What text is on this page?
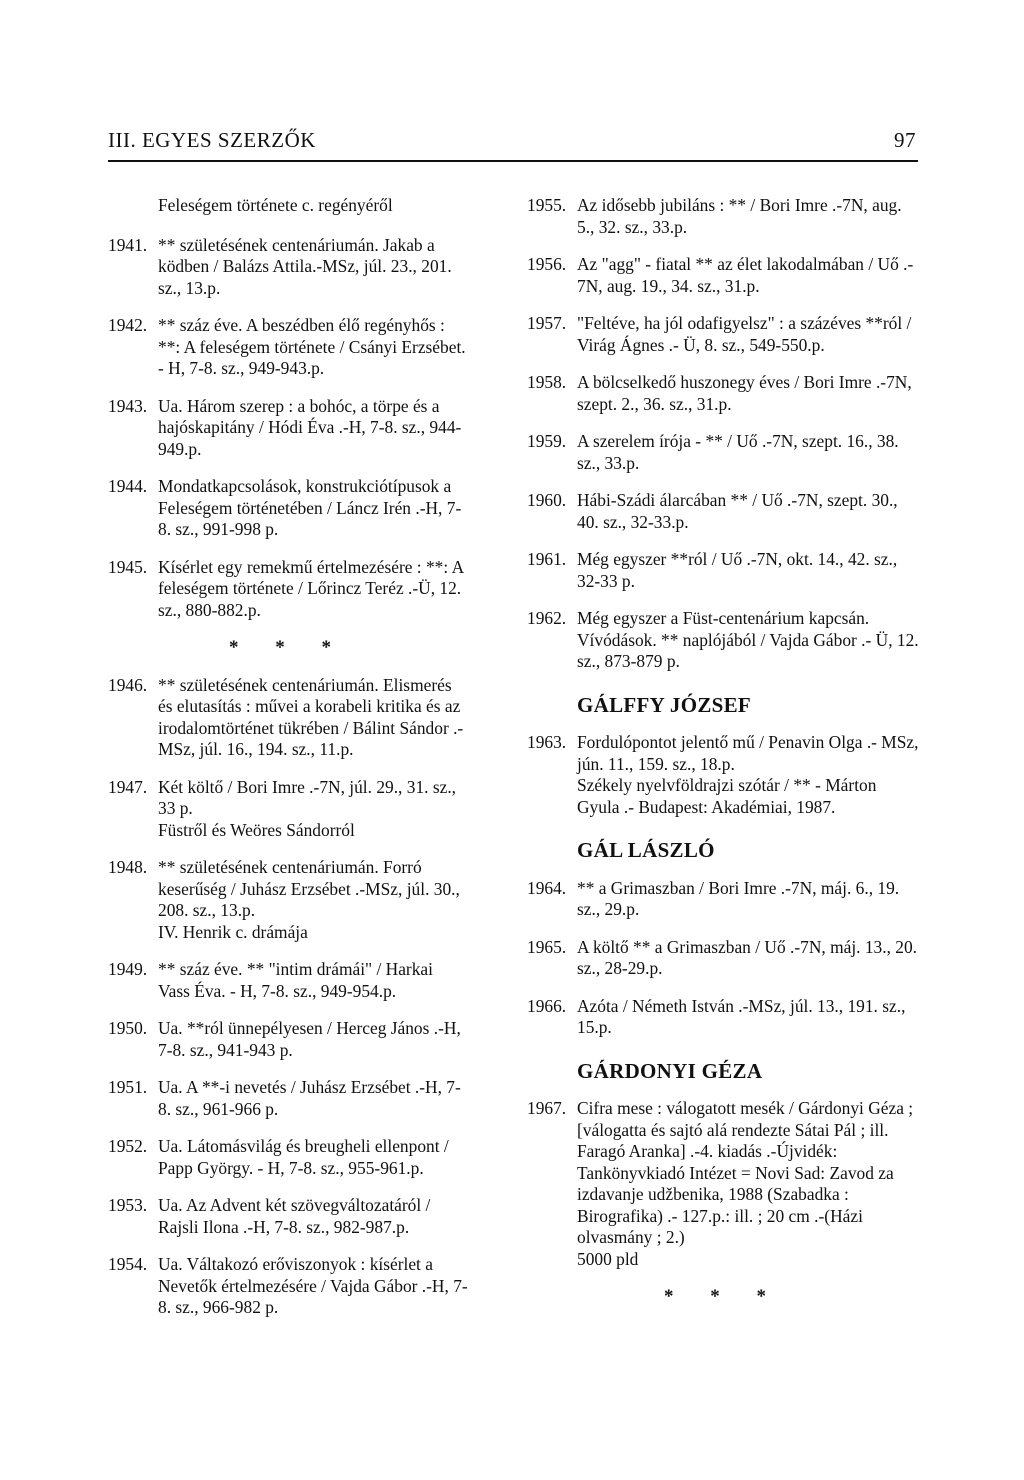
III. EGYES SZERZŐK	97
Feleségem története c. regényéről
1941. ** születésének centenáriumán. Jakab a ködben / Balázs Attila.-MSz, júl. 23., 201. sz., 13.p.
1942. ** száz éve. A beszédben élő regényhős : **: A feleségem története / Csányi Erzsébet. - H, 7-8. sz., 949-943.p.
1943. Ua. Három szerep : a bohóc, a törpe és a hajóskapitány / Hódi Éva .-H, 7-8. sz., 944-949.p.
1944. Mondatkapcsolások, konstrukciótípusok a Feleségem történetében / Láncz Irén .-H, 7-8. sz., 991-998 p.
1945. Kísérlet egy remekmű értelmezésére : **: A feleségem története / Lőrincz Teréz .-Ü, 12. sz., 880-882.p.
* * *
1946. ** születésének centenáriumán. Elismerés és elutasítás : művei a korabeli kritika és az irodalomtörténet tükrében / Bálint Sándor .-MSz, júl. 16., 194. sz., 11.p.
1947. Két költő / Bori Imre .-7N, júl. 29., 31. sz., 33 p.
Füstről és Weöres Sándorról
1948. ** születésének centenáriumán. Forró keserűség / Juhász Erzsébet .-MSz, júl. 30., 208. sz., 13.p.
IV. Henrik c. drámája
1949. ** száz éve. ** "intim drámái" / Harkai Vass Éva. - H, 7-8. sz., 949-954.p.
1950. Ua. **ról ünnepélyesen / Herceg János .-H, 7-8. sz., 941-943 p.
1951. Ua. A **-i nevetés / Juhász Erzsébet .-H, 7-8. sz., 961-966 p.
1952. Ua. Látomásvilág és breugheli ellenpont / Papp György. - H, 7-8. sz., 955-961.p.
1953. Ua. Az Advent két szövegváltozatáról / Rajsli Ilona .-H, 7-8. sz., 982-987.p.
1954. Ua. Váltakozó erőviszonyok : kísérlet a Nevetők értelmezésére / Vajda Gábor .-H, 7-8. sz., 966-982 p.
1955. Az idősebb jubiláns : ** / Bori Imre .-7N, aug. 5., 32. sz., 33.p.
1956. Az "agg" - fiatal ** az élet lakodalmában / Uő .- 7N, aug. 19., 34. sz., 31.p.
1957. "Feltéve, ha jól odafigyelsz" : a százéves **ról / Virág Ágnes .- Ü, 8. sz., 549-550.p.
1958. A bölcselkedő huszonegy éves / Bori Imre .-7N, szept. 2., 36. sz., 31.p.
1959. A szerelem írója - ** / Uő .-7N, szept. 16., 38. sz., 33.p.
1960. Hábi-Szádi álarcában ** / Uő .-7N, szept. 30., 40. sz., 32-33.p.
1961. Még egyszer **ról / Uő .-7N, okt. 14., 42. sz., 32-33 p.
1962. Még egyszer a Füst-centenárium kapcsán. Vívódások. ** naplójából / Vajda Gábor .- Ü, 12. sz., 873-879 p.
GÁLFFY JÓZSEF
1963. Fordulópontot jelentő mű / Penavin Olga .- MSz, jún. 11., 159. sz., 18.p.
Székely nyelvföldrajzi szótár / ** - Márton Gyula .- Budapest: Akadémiai, 1987.
GÁL LÁSZLÓ
1964. ** a Grimaszban / Bori Imre .-7N, máj. 6., 19. sz., 29.p.
1965. A költő ** a Grimaszban / Uő .-7N, máj. 13., 20. sz., 28-29.p.
1966. Azóta / Németh István .-MSz, júl. 13., 191. sz., 15.p.
GÁRDONYI GÉZA
1967. Cifra mese : válogatott mesék / Gárdonyi Géza ; [válogatta és sajtó alá rendezte Sátai Pál ; ill. Faragó Aranka] .-4. kiadás .-Újvidék: Tankönyvkiadó Intézet = Novi Sad: Zavod za izdavanje udžbenika, 1988 (Szabadka : Birografika) .- 127.p.: ill. ; 20 cm .-(Házi olvasmány ; 2.)
5000 pld
* * *
